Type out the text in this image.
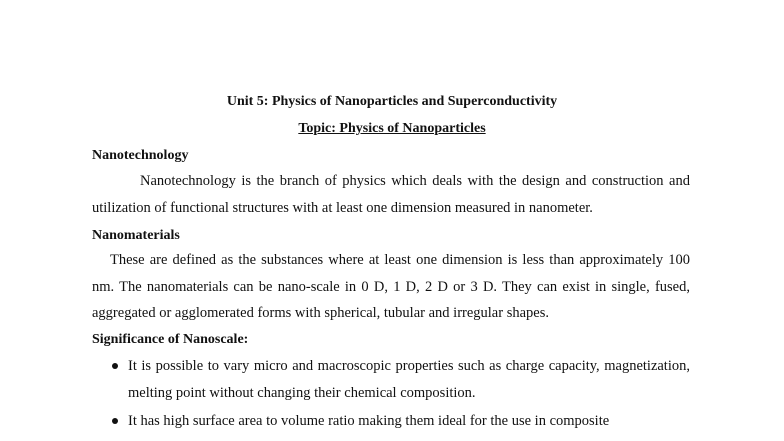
Unit 5: Physics of Nanoparticles and Superconductivity

Topic: Physics of Nanoparticles

Nanotechnology

Nanotechnology is the branch of physics which deals with the design and construction and utilization of functional structures with at least one dimension measured in nanometer.

Nanomaterials

These are defined as the substances where at least one dimension is less than approximately 100 nm. The nanomaterials can be nano-scale in 0 D, 1 D, 2 D or 3 D. They can exist in single, fused, aggregated or agglomerated forms with spherical, tubular and irregular shapes.

Significance of Nanoscale:

It is possible to vary micro and macroscopic properties such as charge capacity, magnetization, melting point without changing their chemical composition.
It has high surface area to volume ratio making them ideal for the use in composite
